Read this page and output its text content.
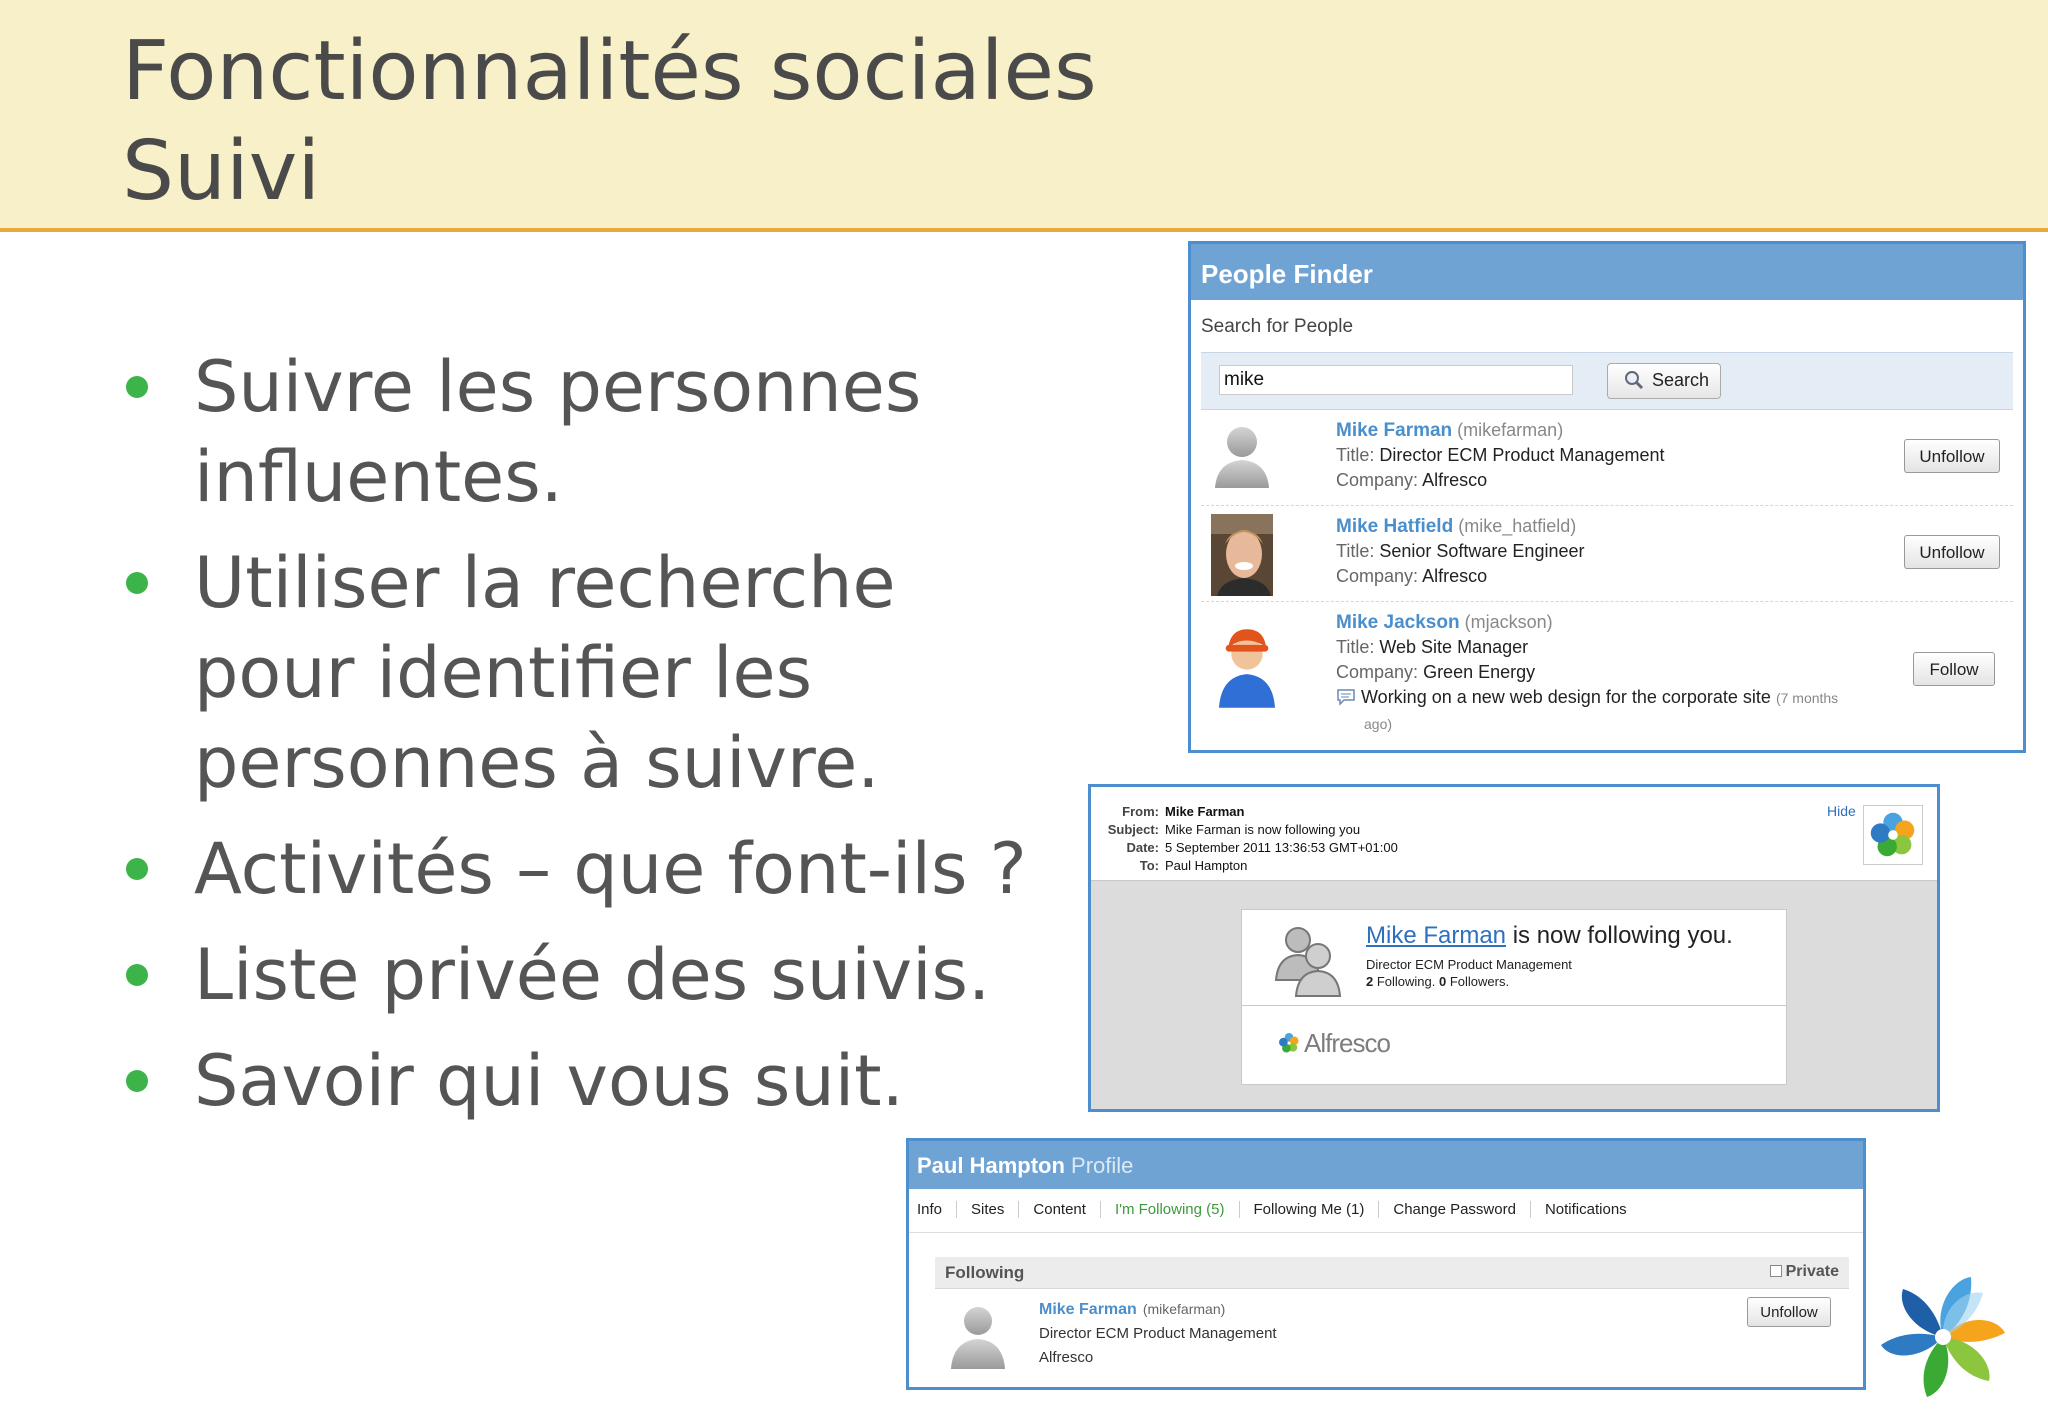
Fonctionnalités sociales
Suivi
Suivre les personnes
influentes.
Utiliser la recherche
pour identifier les
personnes à suivre.
Activités – que font-ils ?
Liste privée des suivis.
Savoir qui vous suit.
People Finder
Search for People
mike
Search
Mike Farman (mikefarman)
Title: Director ECM Product Management
Company: Alfresco
Unfollow
Mike Hatfield (mike_hatfield)
Title: Senior Software Engineer
Company: Alfresco
Unfollow
Mike Jackson (mjackson)
Title: Web Site Manager
Company: Green Energy
Working on a new web design for the corporate site (7 months
ago)
Follow
From: Mike Farman
Subject: Mike Farman is now following you
Date: 5 September 2011 13:36:53 GMT+01:00
To: Paul Hampton
Hide
Mike Farman is now following you.
Director ECM Product Management
2 Following. 0 Followers.
Alfresco
Paul Hampton Profile
Info Sites Content I'm Following (5) Following Me (1) Change Password Notifications
Following	Private
Mike Farman (mikefarman)
Director ECM Product Management
Alfresco
Unfollow
